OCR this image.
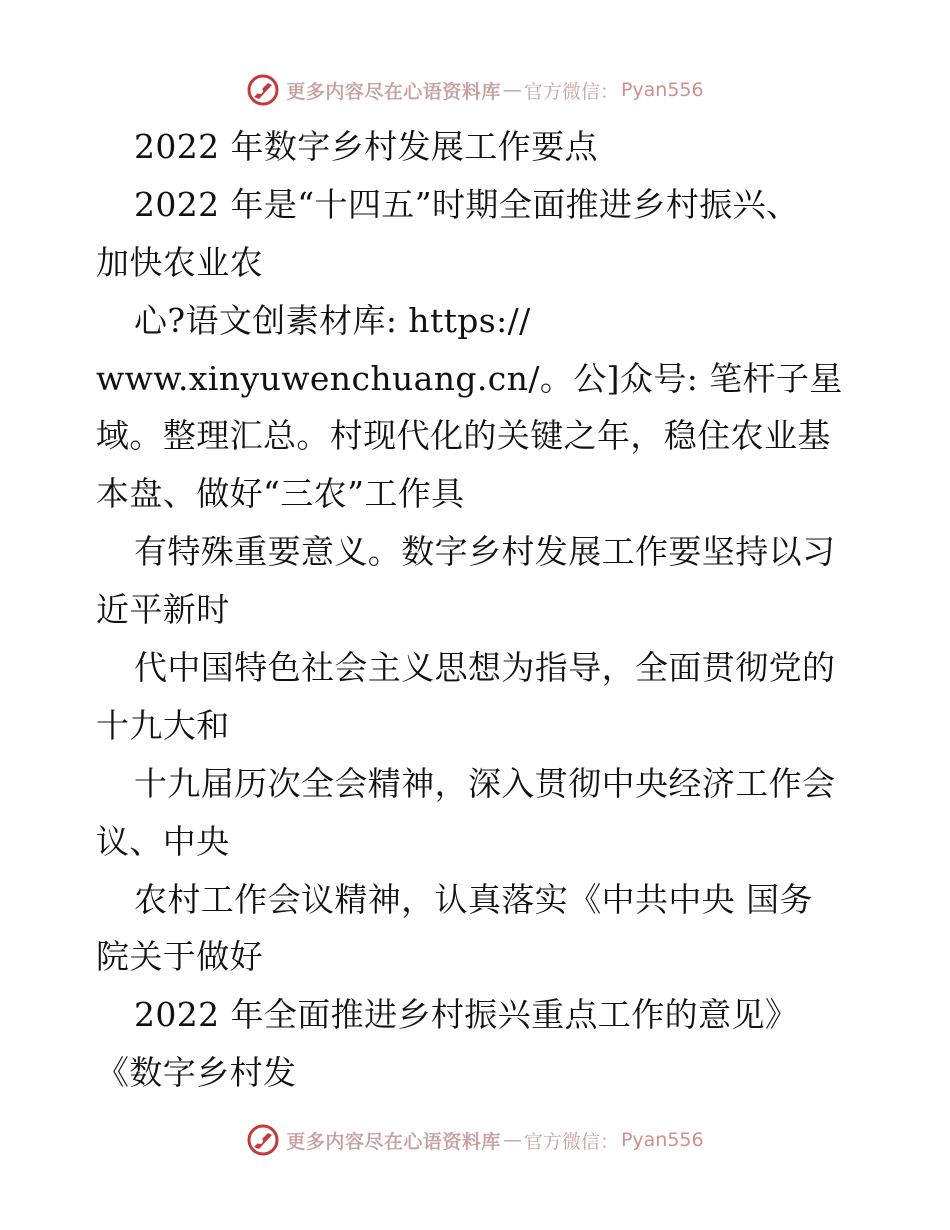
更多内容尽在心语资料库 — 官方微信： Pyan556
2022 年数字乡村发展工作要点
2022 年是“十四五”时期全面推进乡村振兴、
加快农业农
心?语文创素材库: https://
www.xinyuwenchuang.cn/。公]众号: 笔杆子星
域。整理汇总。村现代化的关键之年，稳住农业基
本盘、做好“三农”工作具
有特殊重要意义。数字乡村发展工作要坚持以习
近平新时
代中国特色社会主义思想为指导，全面贯彻党的
十九大和
十九届历次全会精神，深入贯彻中央经济工作会
议、中央
农村工作会议精神，认真落实《中共中央 国务
院关于做好
2022 年全面推进乡村振兴重点工作的意见》
《数字乡村发
更多内容尽在心语资料库 — 官方微信： Pyan556
